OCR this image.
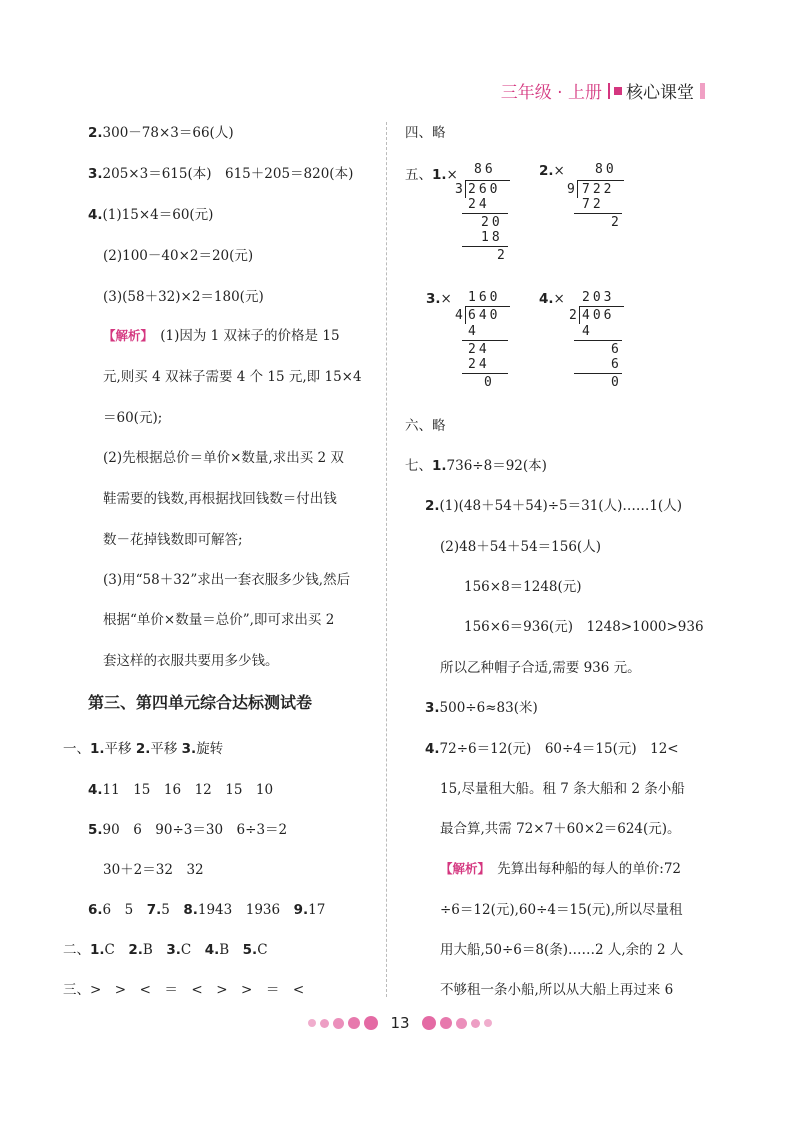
三年级 · 上册 核心课堂
2.300－78×3＝66(人)
3.205×3＝615(本)　615＋205＝820(本)
4.(1)15×4＝60(元)
(2)100－40×2＝20(元)
(3)(58＋32)×2＝180(元)
【解析】　 (1)因为 1 双袜子的价格是 15
元,则买 4 双袜子需要 4 个 15 元,即 15×4
＝60(元);
(2)先根据总价＝单价×数量,求出买 2 双
鞋需要的钱数,再根据找回钱数＝付出钱
数－花掉钱数即可解答;
(3)用“58＋32”求出一套衣服多少钱,然后
根据“单价×数量＝总价”,即可求出买 2
套这样的衣服共要用多少钱。
第三、第四单元综合达标测试卷
一、1.平移 2.平移 3.旋转
4.11　15　16　12　15　10
5.90　6　90÷3＝30　6÷3＝2
30＋2＝32　32
6.6　5　7.5　8.1943　1936　9.17
二、1.C　2.B　3.C　4.B　5.C
三、>　>　<　＝　<　>　>　＝　<
四、略
五、1.× 86
3 260
24
20
18
2
2.× 80
9 722
72
2
3.× 160
4 640
4
24
24
0
4.× 203
2 406
4
6
6
0
六、略
七、1.736÷8＝92(本)
2.(1)(48＋54＋54)÷5＝31(人)……1(人)
(2)48＋54＋54＝156(人)
156×8＝1248(元)
156×6＝936(元)　1248>1000>936
所以乙种帽子合适,需要 936 元。
3.500÷6≈83(米)
4.72÷6＝12(元)　60÷4＝15(元)　12<
15,尽量租大船。租 7 条大船和 2 条小船
最合算,共需 72×7＋60×2＝624(元)。
【解析】　 先算出每种船的每人的单价:72
÷6＝12(元),60÷4＝15(元),所以尽量租
用大船,50÷6＝8(条)……2 人,余的 2 人
不够租一条小船,所以从大船上再过来 6
13
